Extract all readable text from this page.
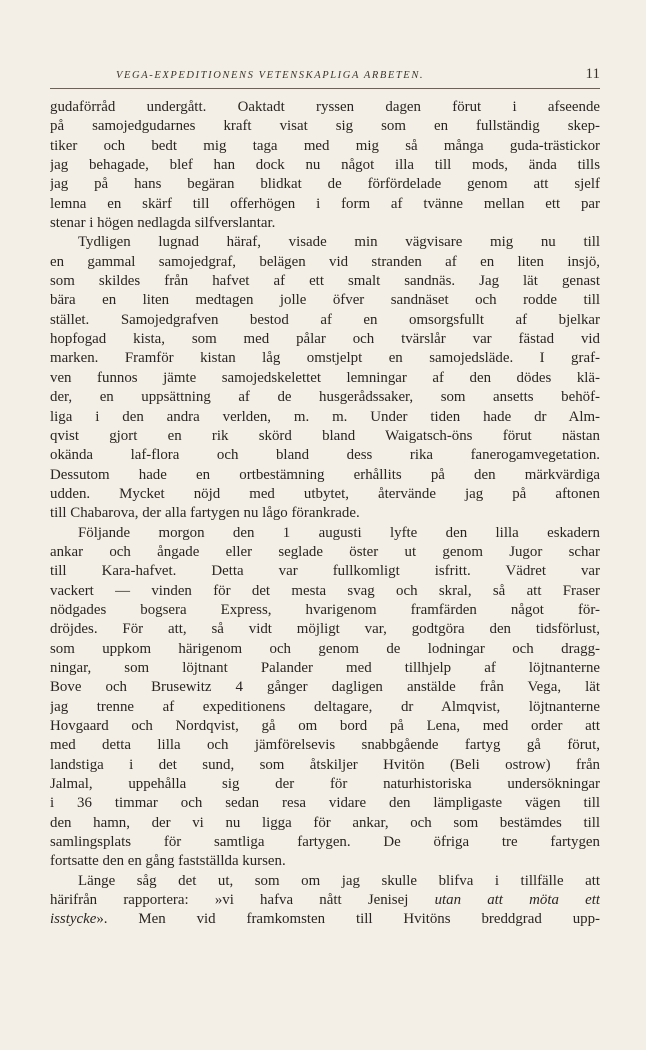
VEGA-EXPEDITIONENS VETENSKAPLIGA ARBETEN.	11
gudaförråd undergått. Oaktadt ryssen dagen förut i afseende
på samojedgudarnes kraft visat sig som en fullständig skep-
tiker och bedt mig taga med mig så många guda-trästickor
jag behagade, blef han dock nu något illa till mods, ända tills
jag på hans begäran blidkat de förfördelade genom att sjelf
lemna en skärf till offerhögen i form af tvänne mellan ett par
stenar i högen nedlagda silfverslantar.
Tydligen lugnad häraf, visade min vägvisare mig nu till
en gammal samojedgraf, belägen vid stranden af en liten insjö,
som skildes från hafvet af ett smalt sandnäs. Jag lät genast
bära en liten medtagen jolle öfver sandnäset och rodde till
stället. Samojedgrafven bestod af en omsorgsfullt af bjelkar
hopfogad kista, som med pålar och tvärslår var fästad vid
marken. Framför kistan låg omstjelpt en samojedsläde. I graf-
ven funnos jämte samojedskelettet lemningar af den dödes klä-
der, en uppsättning af de husgerådssaker, som ansetts behöf-
liga i den andra verlden, m. m. Under tiden hade dr Alm-
qvist gjort en rik skörd bland Waigatsch-öns förut nästan
okända laf-flora och bland dess rika fanerogamvegetation.
Dessutom hade en ortbestämning erhållits på den märkvärdiga
udden. Mycket nöjd med utbytet, återvände jag på aftonen
till Chabarova, der alla fartygen nu lågo förankrade.
Följande morgon den 1 augusti lyfte den lilla eskadern
ankar och ångade eller seglade öster ut genom Jugor schar
till Kara-hafvet. Detta var fullkomligt isfritt. Vädret var
vackert — vinden för det mesta svag och skral, så att Fraser
nödgades bogsera Express, hvarigenom framfärden något för-
dröjdes. För att, så vidt möjligt var, godtgöra den tidsförlust,
som uppkom härigenom och genom de lodningar och dragg-
ningar, som löjtnant Palander med tillhjelp af löjtnanterne
Bove och Brusewitz 4 gånger dagligen anstälde från Vega, lät
jag trenne af expeditionens deltagare, dr Almqvist, löjtnanterne
Hovgaard och Nordqvist, gå om bord på Lena, med order att
med detta lilla och jämförelsevis snabbgående fartyg gå förut,
landstiga i det sund, som åtskiljer Hvitön (Beli ostrow) från
Jalmal, uppehålla sig der för naturhistoriska undersökningar
i 36 timmar och sedan resa vidare den lämpligaste vägen till
den hamn, der vi nu ligga för ankar, och som bestämdes till
samlingsplats för samtliga fartygen. De öfriga tre fartygen
fortsatte den en gång fastställda kursen.
Länge såg det ut, som om jag skulle blifva i tillfälle att
härifrån rapportera: »vi hafva nått Jenisej utan att möta ett
isstycke». Men vid framkomsten till Hvitöns breddgrad upp-
